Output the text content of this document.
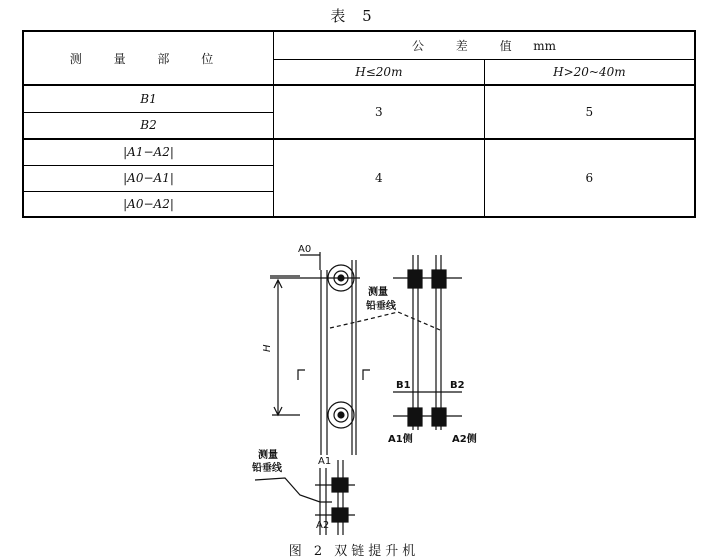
表 5
测 量 部 位	公 差 值 mm	
	H≤20m	H>20~40m
B1	3	5
B2		
|A1−A2|	4	6
|A0−A1|		
|A0−A2|		
A0
H
测量
铅垂线
B1	B2
A1侧	A2侧
测量
铅垂线
A1
A2
图 2 双链提升机
